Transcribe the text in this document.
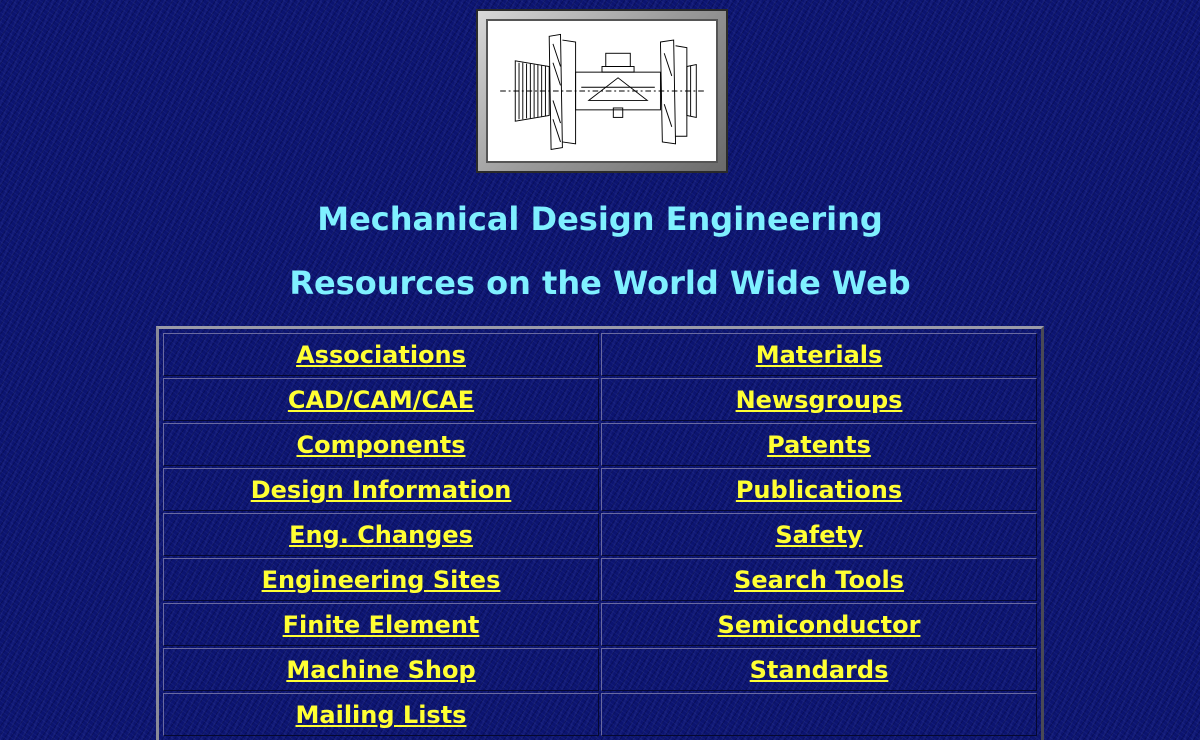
Mechanical Design Engineering
Resources on the World Wide Web
Associations	Materials
CAD/CAM/CAE	Newsgroups
Components	Patents
Design Information	Publications
Eng. Changes	Safety
Engineering Sites	Search Tools
Finite Element	Semiconductor
Machine Shop	Standards
Mailing Lists	
